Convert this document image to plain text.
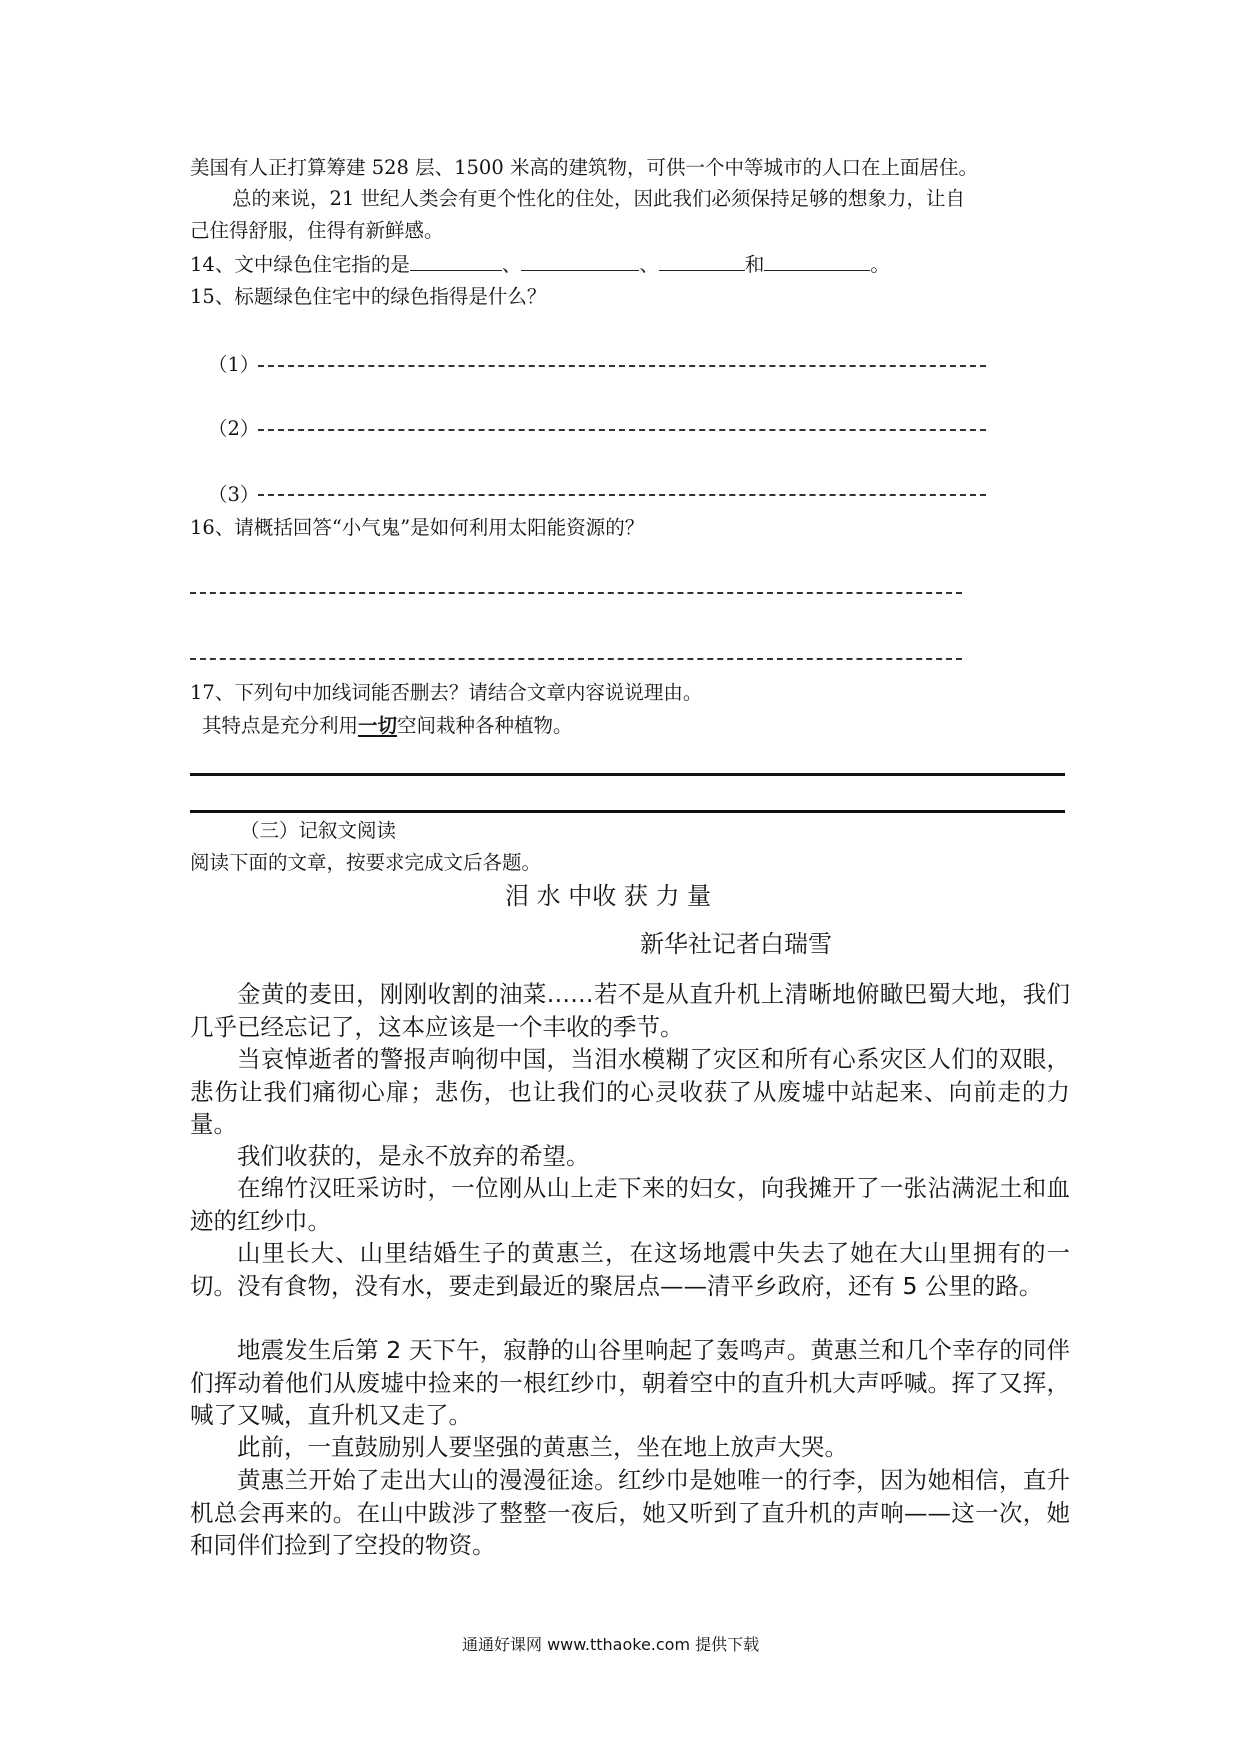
美国有人正打算筹建 528 层、1500 米高的建筑物，可供一个中等城市的人口在上面居住。
总的来说，21 世纪人类会有更个性化的住处，因此我们必须保持足够的想象力，让自
己住得舒服，住得有新鲜感。
14、文中绿色住宅指的是	、	、	和	。
15、标题绿色住宅中的绿色指得是什么？
（1）
（2）
（3）
16、请概括回答“小气鬼”是如何利用太阳能资源的？
17、下列句中加线词能否删去？请结合文章内容说说理由。
其特点是充分利用一切空间栽种各种植物。
（三）记叙文阅读
阅读下面的文章，按要求完成文后各题。
泪 水 中收 获 力 量
新华社记者白瑞雪
金黄的麦田，刚刚收割的油菜……若不是从直升机上清晰地俯瞰巴蜀大地，我们几乎已经忘记了，这本应该是一个丰收的季节。
当哀悼逝者的警报声响彻中国，当泪水模糊了灾区和所有心系灾区人们的双眼，悲伤让我们痛彻心扉；悲伤，也让我们的心灵收获了从废墟中站起来、向前走的力量。
我们收获的，是永不放弃的希望。
在绵竹汉旺采访时，一位刚从山上走下来的妇女，向我摊开了一张沾满泥土和血迹的红纱巾。
山里长大、山里结婚生子的黄惠兰，在这场地震中失去了她在大山里拥有的一切。没有食物，没有水，要走到最近的聚居点——清平乡政府，还有 5 公里的路。
地震发生后第 2 天下午，寂静的山谷里响起了轰鸣声。黄惠兰和几个幸存的同伴们挥动着他们从废墟中捡来的一根红纱巾，朝着空中的直升机大声呼喊。挥了又挥，喊了又喊，直升机又走了。
此前，一直鼓励别人要坚强的黄惠兰，坐在地上放声大哭。
黄惠兰开始了走出大山的漫漫征途。红纱巾是她唯一的行李，因为她相信，直升机总会再来的。在山中跋涉了整整一夜后，她又听到了直升机的声响——这一次，她和同伴们捡到了空投的物资。
通通好课网 www.tthaoke.com 提供下载
